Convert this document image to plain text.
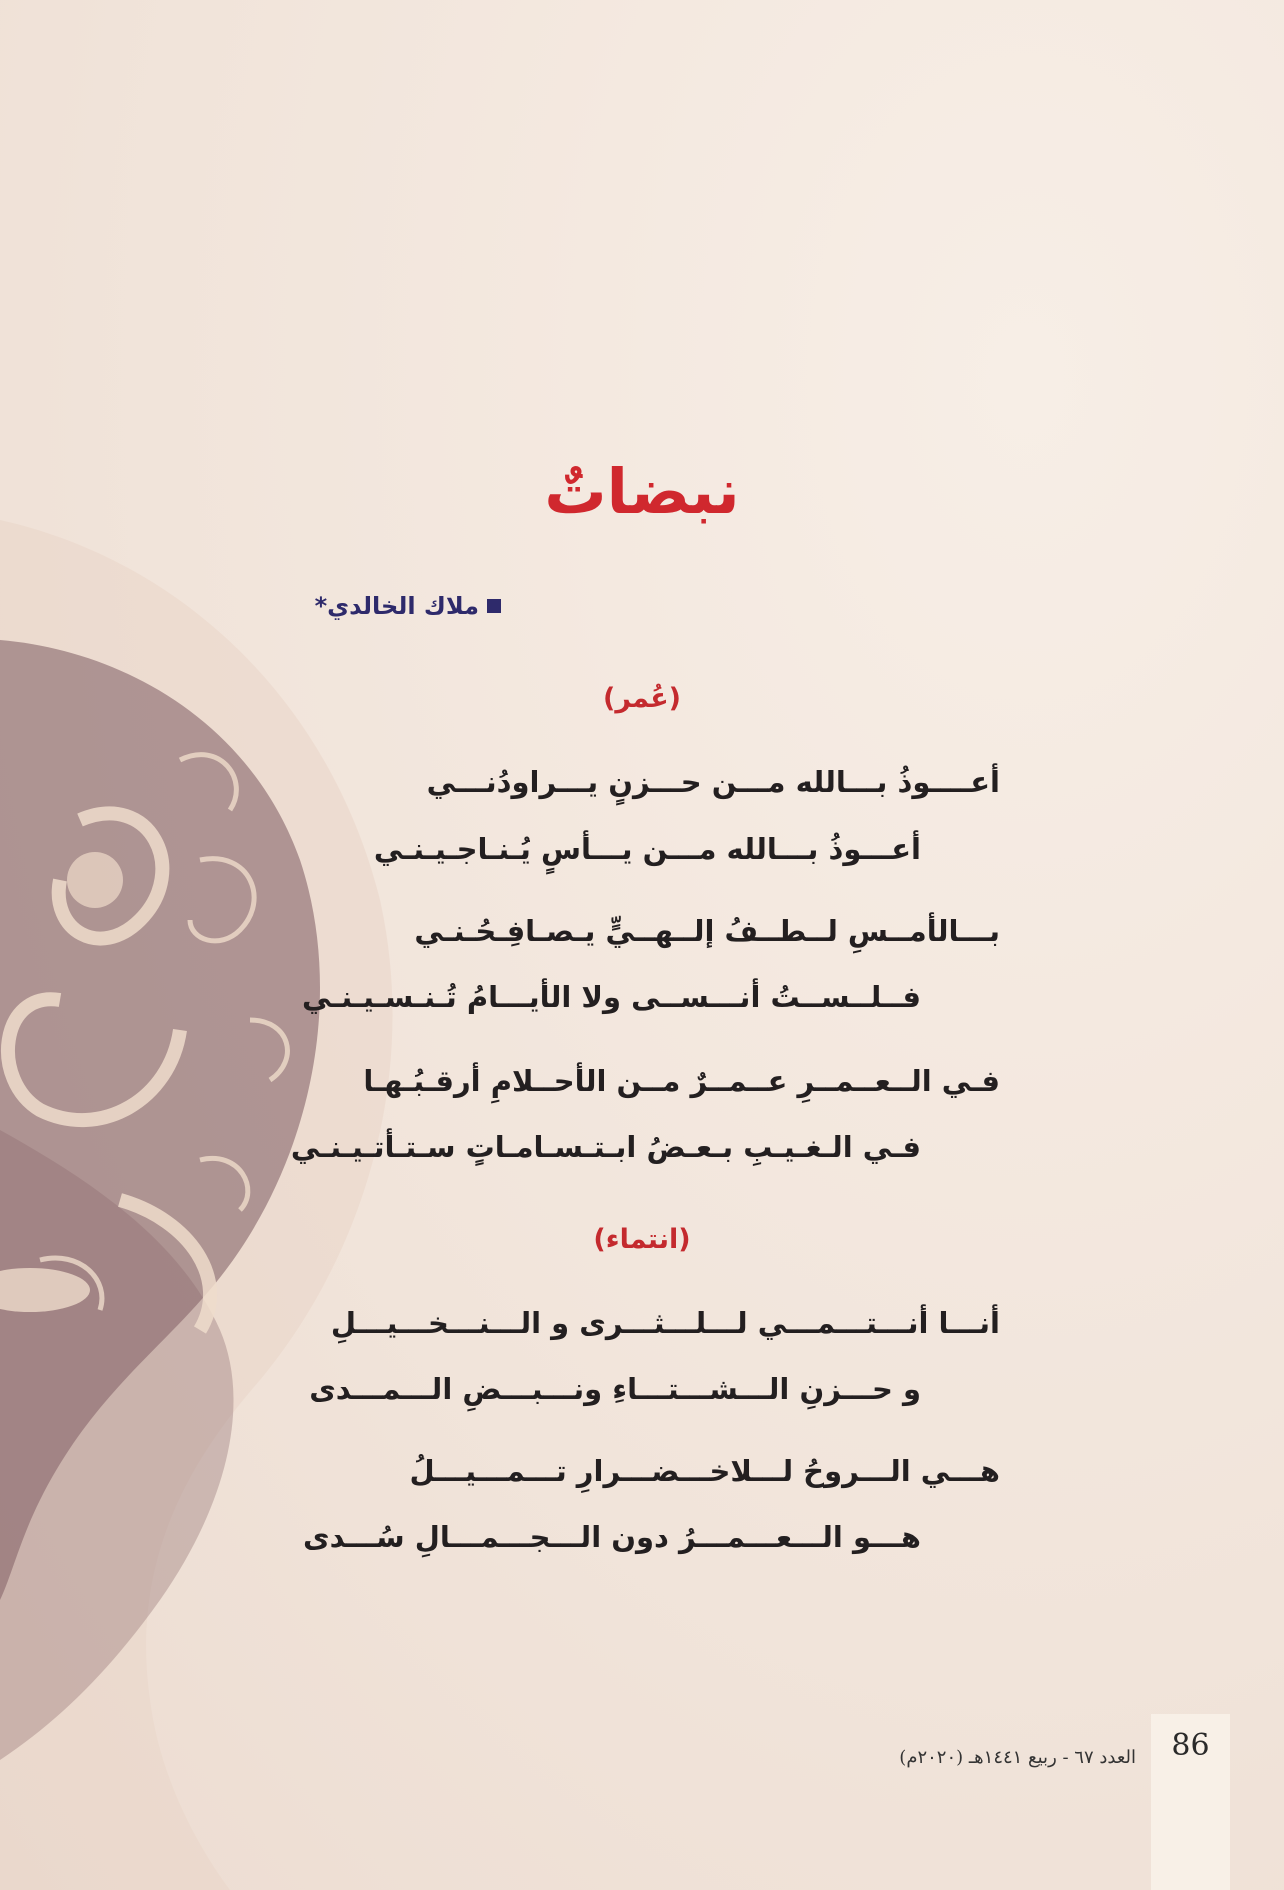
نبضاتٌ
ملاك الخالدي*
(عُمر)
أعــــوذُ بـــالله مـــن حـــزنٍ يـــراودُنـــي
أعـــوذُ بـــالله مـــن يـــأسٍ يُـنـاجـيـنـي
بـــالأمــسِ لــطــفُ إلــهــيٍّ يـصـافِـحُـنـي
فــلــســتُ أنـــســى ولا الأيـــامُ تُـنـسـيـنـي
فـي الــعــمــرِ عــمــرٌ مــن الأحــلامِ أرقـبُـهـا
فـي الـغـيـبِ بـعـضُ ابـتـسـامـاتٍ سـتـأتـيـنـي
(انتماء)
أنـــا أنـــتـــمـــي لـــلـــثـــرى و الـــنـــخـــيـــلِ
و حـــزنِ الـــشـــتـــاءِ ونـــبـــضِ الـــمـــدى
هـــي الـــروحُ لـــلاخـــضـــرارِ تـــمـــيـــلُ
هـــو الـــعـــمـــرُ دون الـــجـــمـــالِ سُـــدى
86
العدد ٦٧ - ربيع ١٤٤١هـ (٢٠٢٠م)
